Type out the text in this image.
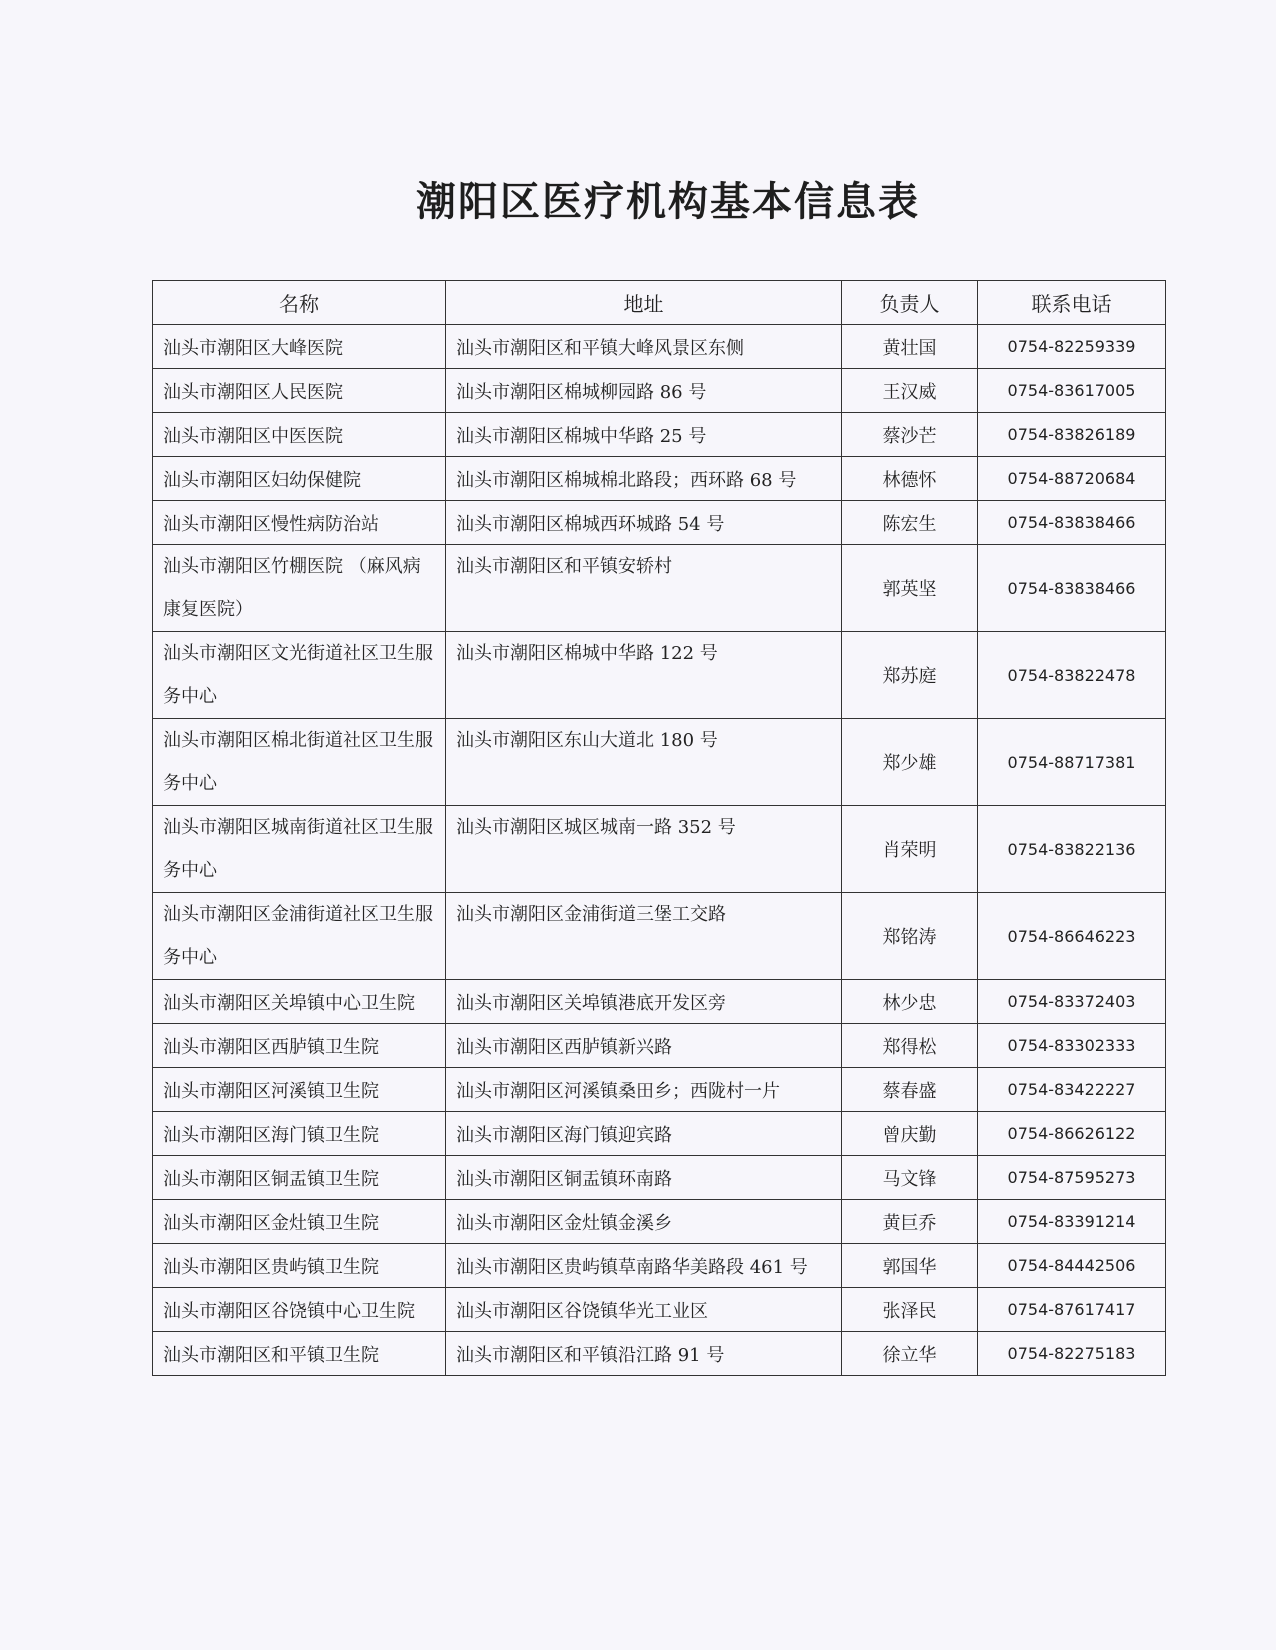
潮阳区医疗机构基本信息表
名称	地址	负责人	联系电话
汕头市潮阳区大峰医院	汕头市潮阳区和平镇大峰风景区东侧	黄壮国	0754-82259339
汕头市潮阳区人民医院	汕头市潮阳区棉城柳园路 86 号	王汉威	0754-83617005
汕头市潮阳区中医医院	汕头市潮阳区棉城中华路 25 号	蔡沙芒	0754-83826189
汕头市潮阳区妇幼保健院	汕头市潮阳区棉城棉北路段；西环路 68 号	林德怀	0754-88720684
汕头市潮阳区慢性病防治站	汕头市潮阳区棉城西环城路 54 号	陈宏生	0754-83838466
汕头市潮阳区竹棚医院 （麻风病康复医院）	汕头市潮阳区和平镇安轿村	郭英坚	0754-83838466
汕头市潮阳区文光街道社区卫生服务中心	汕头市潮阳区棉城中华路 122 号	郑苏庭	0754-83822478
汕头市潮阳区棉北街道社区卫生服务中心	汕头市潮阳区东山大道北 180 号	郑少雄	0754-88717381
汕头市潮阳区城南街道社区卫生服务中心	汕头市潮阳区城区城南一路 352 号	肖荣明	0754-83822136
汕头市潮阳区金浦街道社区卫生服务中心	汕头市潮阳区金浦街道三堡工交路	郑铭涛	0754-86646223
汕头市潮阳区关埠镇中心卫生院	汕头市潮阳区关埠镇港底开发区旁	林少忠	0754-83372403
汕头市潮阳区西胪镇卫生院	汕头市潮阳区西胪镇新兴路	郑得松	0754-83302333
汕头市潮阳区河溪镇卫生院	汕头市潮阳区河溪镇桑田乡；西陇村一片	蔡春盛	0754-83422227
汕头市潮阳区海门镇卫生院	汕头市潮阳区海门镇迎宾路	曾庆勤	0754-86626122
汕头市潮阳区铜盂镇卫生院	汕头市潮阳区铜盂镇环南路	马文锋	0754-87595273
汕头市潮阳区金灶镇卫生院	汕头市潮阳区金灶镇金溪乡	黄巨乔	0754-83391214
汕头市潮阳区贵屿镇卫生院	汕头市潮阳区贵屿镇草南路华美路段 461 号	郭国华	0754-84442506
汕头市潮阳区谷饶镇中心卫生院	汕头市潮阳区谷饶镇华光工业区	张泽民	0754-87617417
汕头市潮阳区和平镇卫生院	汕头市潮阳区和平镇沿江路 91 号	徐立华	0754-82275183
